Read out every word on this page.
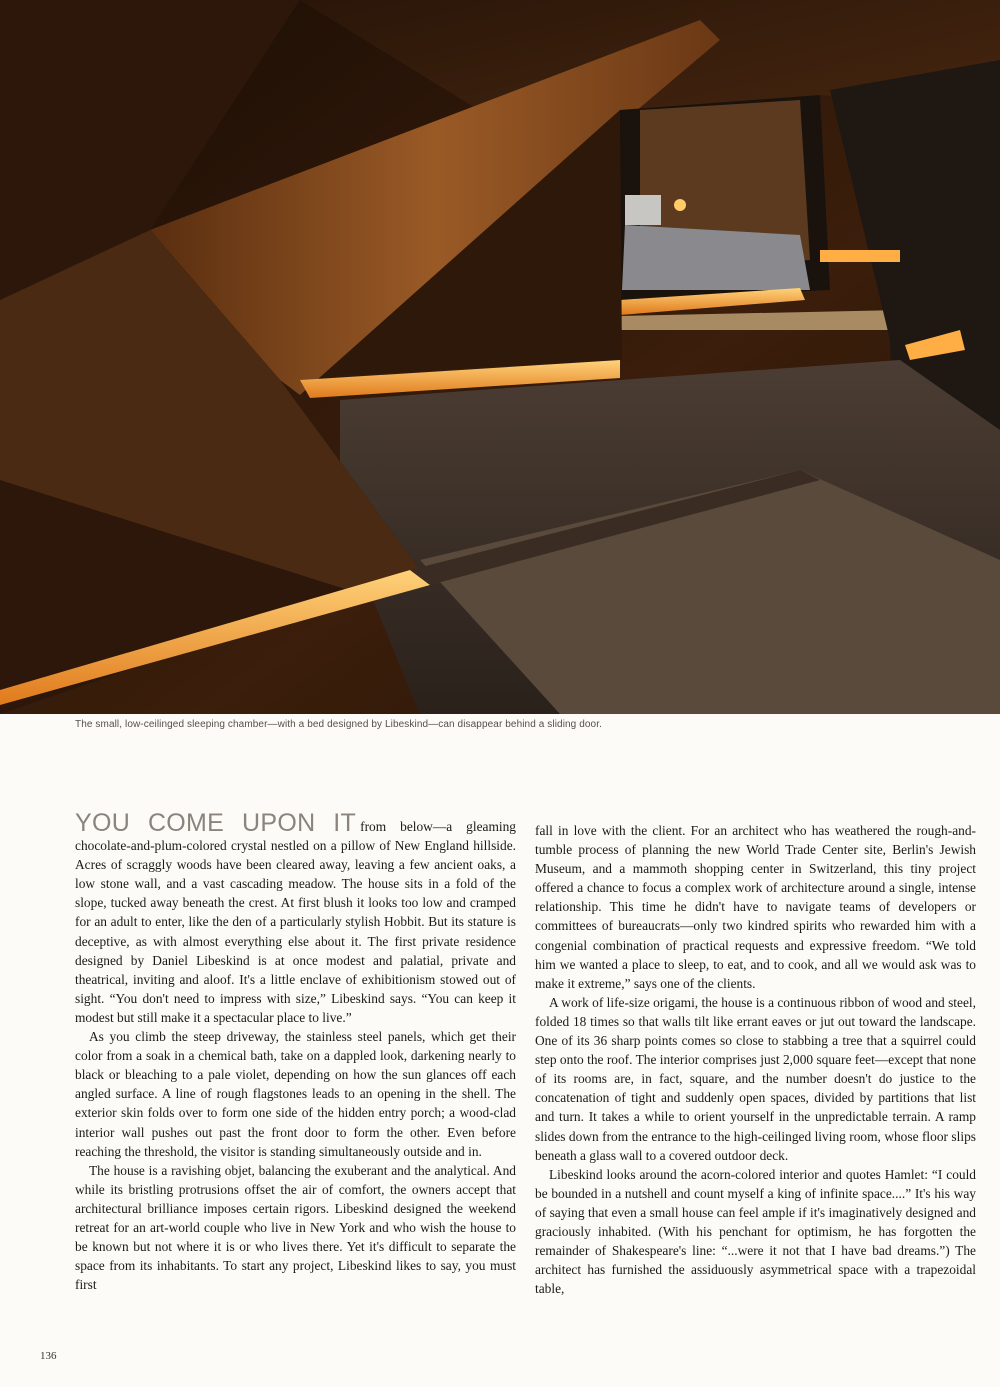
The small, low-ceilinged sleeping chamber—with a bed designed by Libeskind—can disappear behind a sliding door.

YOU COME UPON IT from below—a gleaming chocolate-and-plum-colored crystal nestled on a pillow of New England hillside. Acres of scraggly woods have been cleared away, leaving a few ancient oaks, a low stone wall, and a vast cascading meadow. The house sits in a fold of the slope, tucked away beneath the crest. At first blush it looks too low and cramped for an adult to enter, like the den of a particularly stylish Hobbit. But its stature is deceptive, as with almost everything else about it. The first private residence designed by Daniel Libeskind is at once modest and palatial, private and theatrical, inviting and aloof. It's a little enclave of exhibitionism stowed out of sight. “You don't need to impress with size,” Libeskind says. “You can keep it modest but still make it a spectacular place to live.”

As you climb the steep driveway, the stainless steel panels, which get their color from a soak in a chemical bath, take on a dappled look, darkening nearly to black or bleaching to a pale violet, depending on how the sun glances off each angled surface. A line of rough flagstones leads to an opening in the shell. The exterior skin folds over to form one side of the hidden entry porch; a wood-clad interior wall pushes out past the front door to form the other. Even before reaching the threshold, the visitor is standing simultaneously outside and in.

The house is a ravishing objet, balancing the exuberant and the analytical. And while its bristling protrusions offset the air of comfort, the owners accept that architectural brilliance imposes certain rigors. Libeskind designed the weekend retreat for an art-world couple who live in New York and who wish the house to be known but not where it is or who lives there. Yet it's difficult to separate the space from its inhabitants. To start any project, Libeskind likes to say, you must first

fall in love with the client. For an architect who has weathered the rough-and-tumble process of planning the new World Trade Center site, Berlin's Jewish Museum, and a mammoth shopping center in Switzerland, this tiny project offered a chance to focus a complex work of architecture around a single, intense relationship. This time he didn't have to navigate teams of developers or committees of bureaucrats—only two kindred spirits who rewarded him with a congenial combination of practical requests and expressive freedom. “We told him we wanted a place to sleep, to eat, and to cook, and all we would ask was to make it extreme,” says one of the clients.

A work of life-size origami, the house is a continuous ribbon of wood and steel, folded 18 times so that walls tilt like errant eaves or jut out toward the landscape. One of its 36 sharp points comes so close to stabbing a tree that a squirrel could step onto the roof. The interior comprises just 2,000 square feet—except that none of its rooms are, in fact, square, and the number doesn't do justice to the concatenation of tight and suddenly open spaces, divided by partitions that list and turn. It takes a while to orient yourself in the unpredictable terrain. A ramp slides down from the entrance to the high-ceilinged living room, whose floor slips beneath a glass wall to a covered outdoor deck.

Libeskind looks around the acorn-colored interior and quotes Hamlet: “I could be bounded in a nutshell and count myself a king of infinite space....” It's his way of saying that even a small house can feel ample if it's imaginatively designed and graciously inhabited. (With his penchant for optimism, he has forgotten the remainder of Shakespeare's line: “...were it not that I have bad dreams.”) The architect has furnished the assiduously asymmetrical space with a trapezoidal table,

136
